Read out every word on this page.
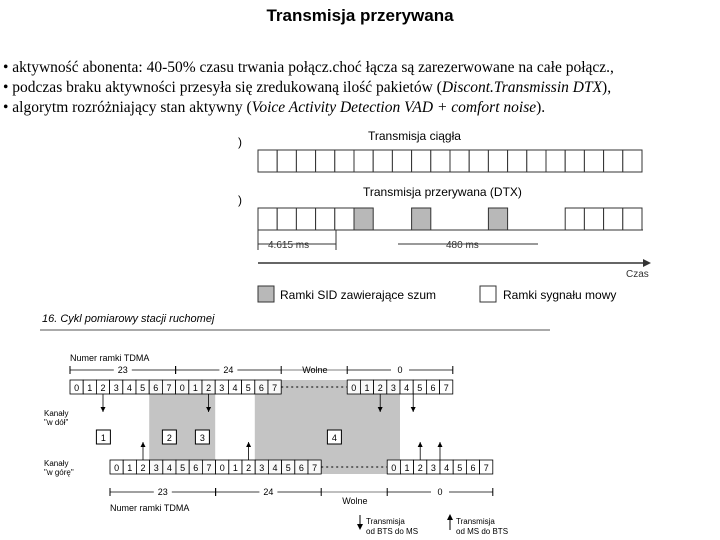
Transmisja przerywana
• aktywność abonenta: 40-50% czasu trwania połącz.choć łącza są zarezerwowane na całe połącz.,
• podczas braku aktywności przesyła się zredukowaną ilość pakietów (Discont.Transmissin DTX),
• algorytm rozróżniający stan aktywny (Voice Activity Detection VAD + comfort noise).
)	Transmisja ciągła
)
Transmisja przerywana (DTX)
4.615 ms	480 ms
Czas
Ramki SID zawierające szum	Ramki sygnału mowy
16. Cykl pomiarowy stacji ruchomej
Numer ramki TDMA
23	24	0
Wolne
0 1 2 3 4 5 6 7 0 1 2 3 4 5 6 7	0 1 2 3 4 5 6 7
Kanały
"w dół"
1	2	3	4
Kanały
"w górę"	0 1 2 3 4 5 6 7 0 1 2 3 4 5 6 7	0 1 2 3 4 5 6 7
23	24	0
Wolne
Numer ramki TDMA
Transmisja
od BTS do MS
Transmisja
od MS do BTS
